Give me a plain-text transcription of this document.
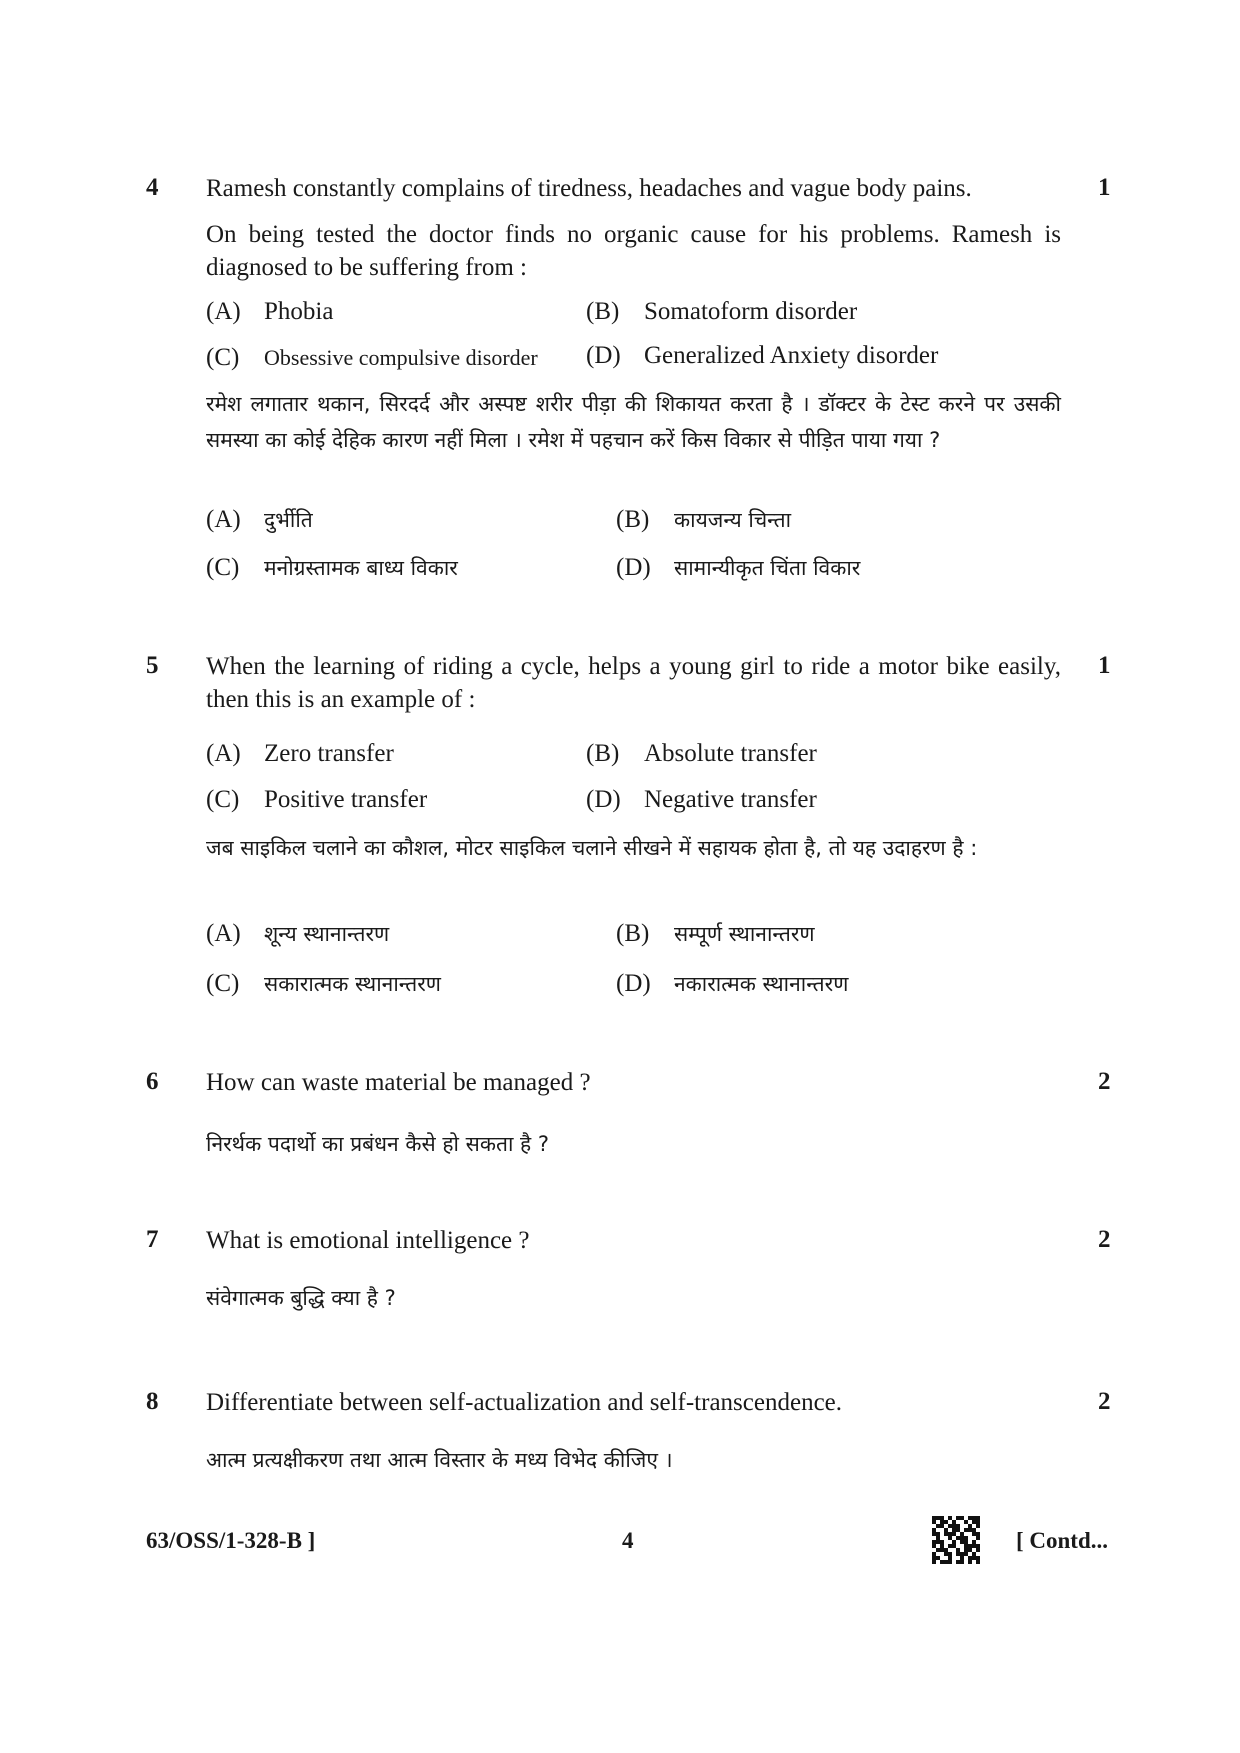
4	1
Ramesh constantly complains of tiredness, headaches and vague body pains.
On being tested the doctor finds no organic cause for his problems. Ramesh is diagnosed to be suffering from :
(A) Phobia	(B) Somatoform disorder
(C) Obsessive compulsive disorder (D) Generalized Anxiety disorder
रमेश लगातार थकान, सिरदर्द और अस्पष्ट शरीर पीड़ा की शिकायत करता है । डॉक्टर के टेस्ट करने पर उसकी समस्या का कोई देहिक कारण नहीं मिला । रमेश में पहचान करें किस विकार से पीड़ित पाया गया ?
(A) दुर्भीति	(B) कायजन्य चिन्ता
(C) मनोग्रस्तामक बाध्य विकार	(D) सामान्यीकृत चिंता विकार
5	1
When the learning of riding a cycle, helps a young girl to ride a motor bike easily, then this is an example of :
(A) Zero transfer	(B) Absolute transfer
(C) Positive transfer	(D) Negative transfer
जब साइकिल चलाने का कौशल, मोटर साइकिल चलाने सीखने में सहायक होता है, तो यह उदाहरण है :
(A) शून्य स्थानान्तरण	(B) सम्पूर्ण स्थानान्तरण
(C) सकारात्मक स्थानान्तरण	(D) नकारात्मक स्थानान्तरण
6	2
How can waste material be managed ?
निरर्थक पदार्थो का प्रबंधन कैसे हो सकता है ?
7	2
What is emotional intelligence ?
संवेगात्मक बुद्धि क्या है ?
8	2
Differentiate between self-actualization and self-transcendence.
आत्म प्रत्यक्षीकरण तथा आत्म विस्तार के मध्य विभेद कीजिए ।
63/OSS/1-328-B ]	4	[ Contd...
